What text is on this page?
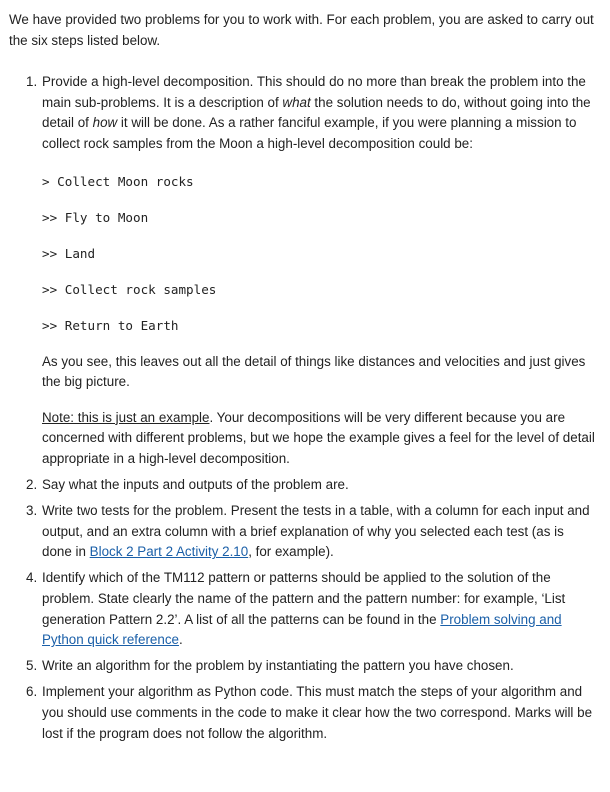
We have provided two problems for you to work with. For each problem, you are asked to carry out the six steps listed below.

Provide a high-level decomposition. This should do no more than break the problem into the main sub-problems. It is a description of what the solution needs to do, without going into the detail of how it will be done. As a rather fanciful example, if you were planning a mission to collect rock samples from the Moon a high-level decomposition could be:

> Collect Moon rocks
>> Fly to Moon
>> Land
>> Collect rock samples
>> Return to Earth

As you see, this leaves out all the detail of things like distances and velocities and just gives the big picture.

Note: this is just an example. Your decompositions will be very different because you are concerned with different problems, but we hope the example gives a feel for the level of detail appropriate in a high-level decomposition.

Say what the inputs and outputs of the problem are.

Write two tests for the problem. Present the tests in a table, with a column for each input and output, and an extra column with a brief explanation of why you selected each test (as is done in Block 2 Part 2 Activity 2.10, for example).

Identify which of the TM112 pattern or patterns should be applied to the solution of the problem. State clearly the name of the pattern and the pattern number: for example, ‘List generation Pattern 2.2’. A list of all the patterns can be found in the Problem solving and Python quick reference.

Write an algorithm for the problem by instantiating the pattern you have chosen.

Implement your algorithm as Python code. This must match the steps of your algorithm and you should use comments in the code to make it clear how the two correspond. Marks will be lost if the program does not follow the algorithm.
